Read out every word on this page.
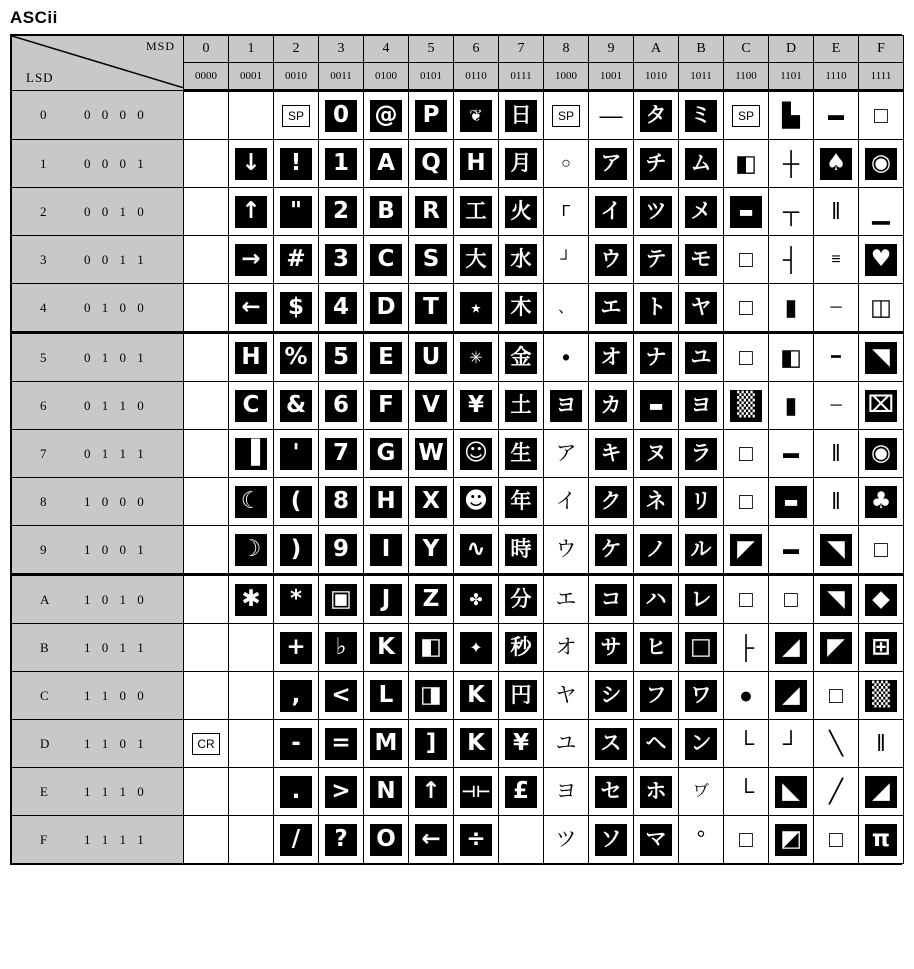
ASCii
MSD
LSD	0	1	2	3	4	5	6	7	8	9	A	B	C	D	E	F
	0000	0001	0010	0011	0100	0101	0110	0111	1000	1001	1010	1011	1100	1101	1110	1111

0 0 0 0 0			SP	0	@	P	❦	日	SP	—	タ	ミ	SP	▙	▬	□

1 0 0 0 1		↓	!	1	A	Q	H	月	○	ア	チ	ム	◧	┼	♠	◉

2 0 0 1 0		↑	"	2	B	R	工	火	Γ	イ	ツ	メ	▬	┬	‖	▁

3 0 0 1 1		→	#	3	C	S	大	水	┘	ウ	テ	モ	□	┤	≡	♥

4 0 1 0 0		←	$	4	D	T	⭑	木	、	エ	ト	ヤ	□	▮	─	◫

5 0 1 0 1		H	%	5	E	U	✳	金	•	オ	ナ	ユ	□	◧	━	◥

6 0 1 1 0		C	&	6	F	V	¥	土	ヨ	カ	▬	ヨ	▒	▮	─	⌧

7 0 1 1 1		▐	'	7	G	W	☺	生	ア	キ	ヌ	ラ	□	▬	‖	◉

8 1 0 0 0		☾	(	8	H	X	☻	年	イ	ク	ネ	リ	□	▬	‖	♣

9 1 0 0 1		☽	)	9	I	Y	∿	時	ウ	ケ	ノ	ル	◤	▬	◥	□

A 1 0 1 0		✱	*	▣	J	Z	✤	分	エ	コ	ハ	レ	□	□	◥	◆

B 1 0 1 1			+	♭	K	◧	✦	秒	オ	サ	ヒ	□	├	◢	◤	⊞

C 1 1 0 0			,	<	L	◨	K	円	ヤ	シ	フ	ワ	●	◢	□	▒

D 1 1 0 1	CR		-	=	M	]	K	¥	ユ	ス	ヘ	ン	└	┘	╲	‖

E 1 1 1 0			.	>	N	↑	⊣⊢	£	ヨ	セ	ホ	ヷ	└	◣	╱	◢

F 1 1 1 1			/	?	O	←	÷		ツ	ソ	マ	°	□	◩	□	π
